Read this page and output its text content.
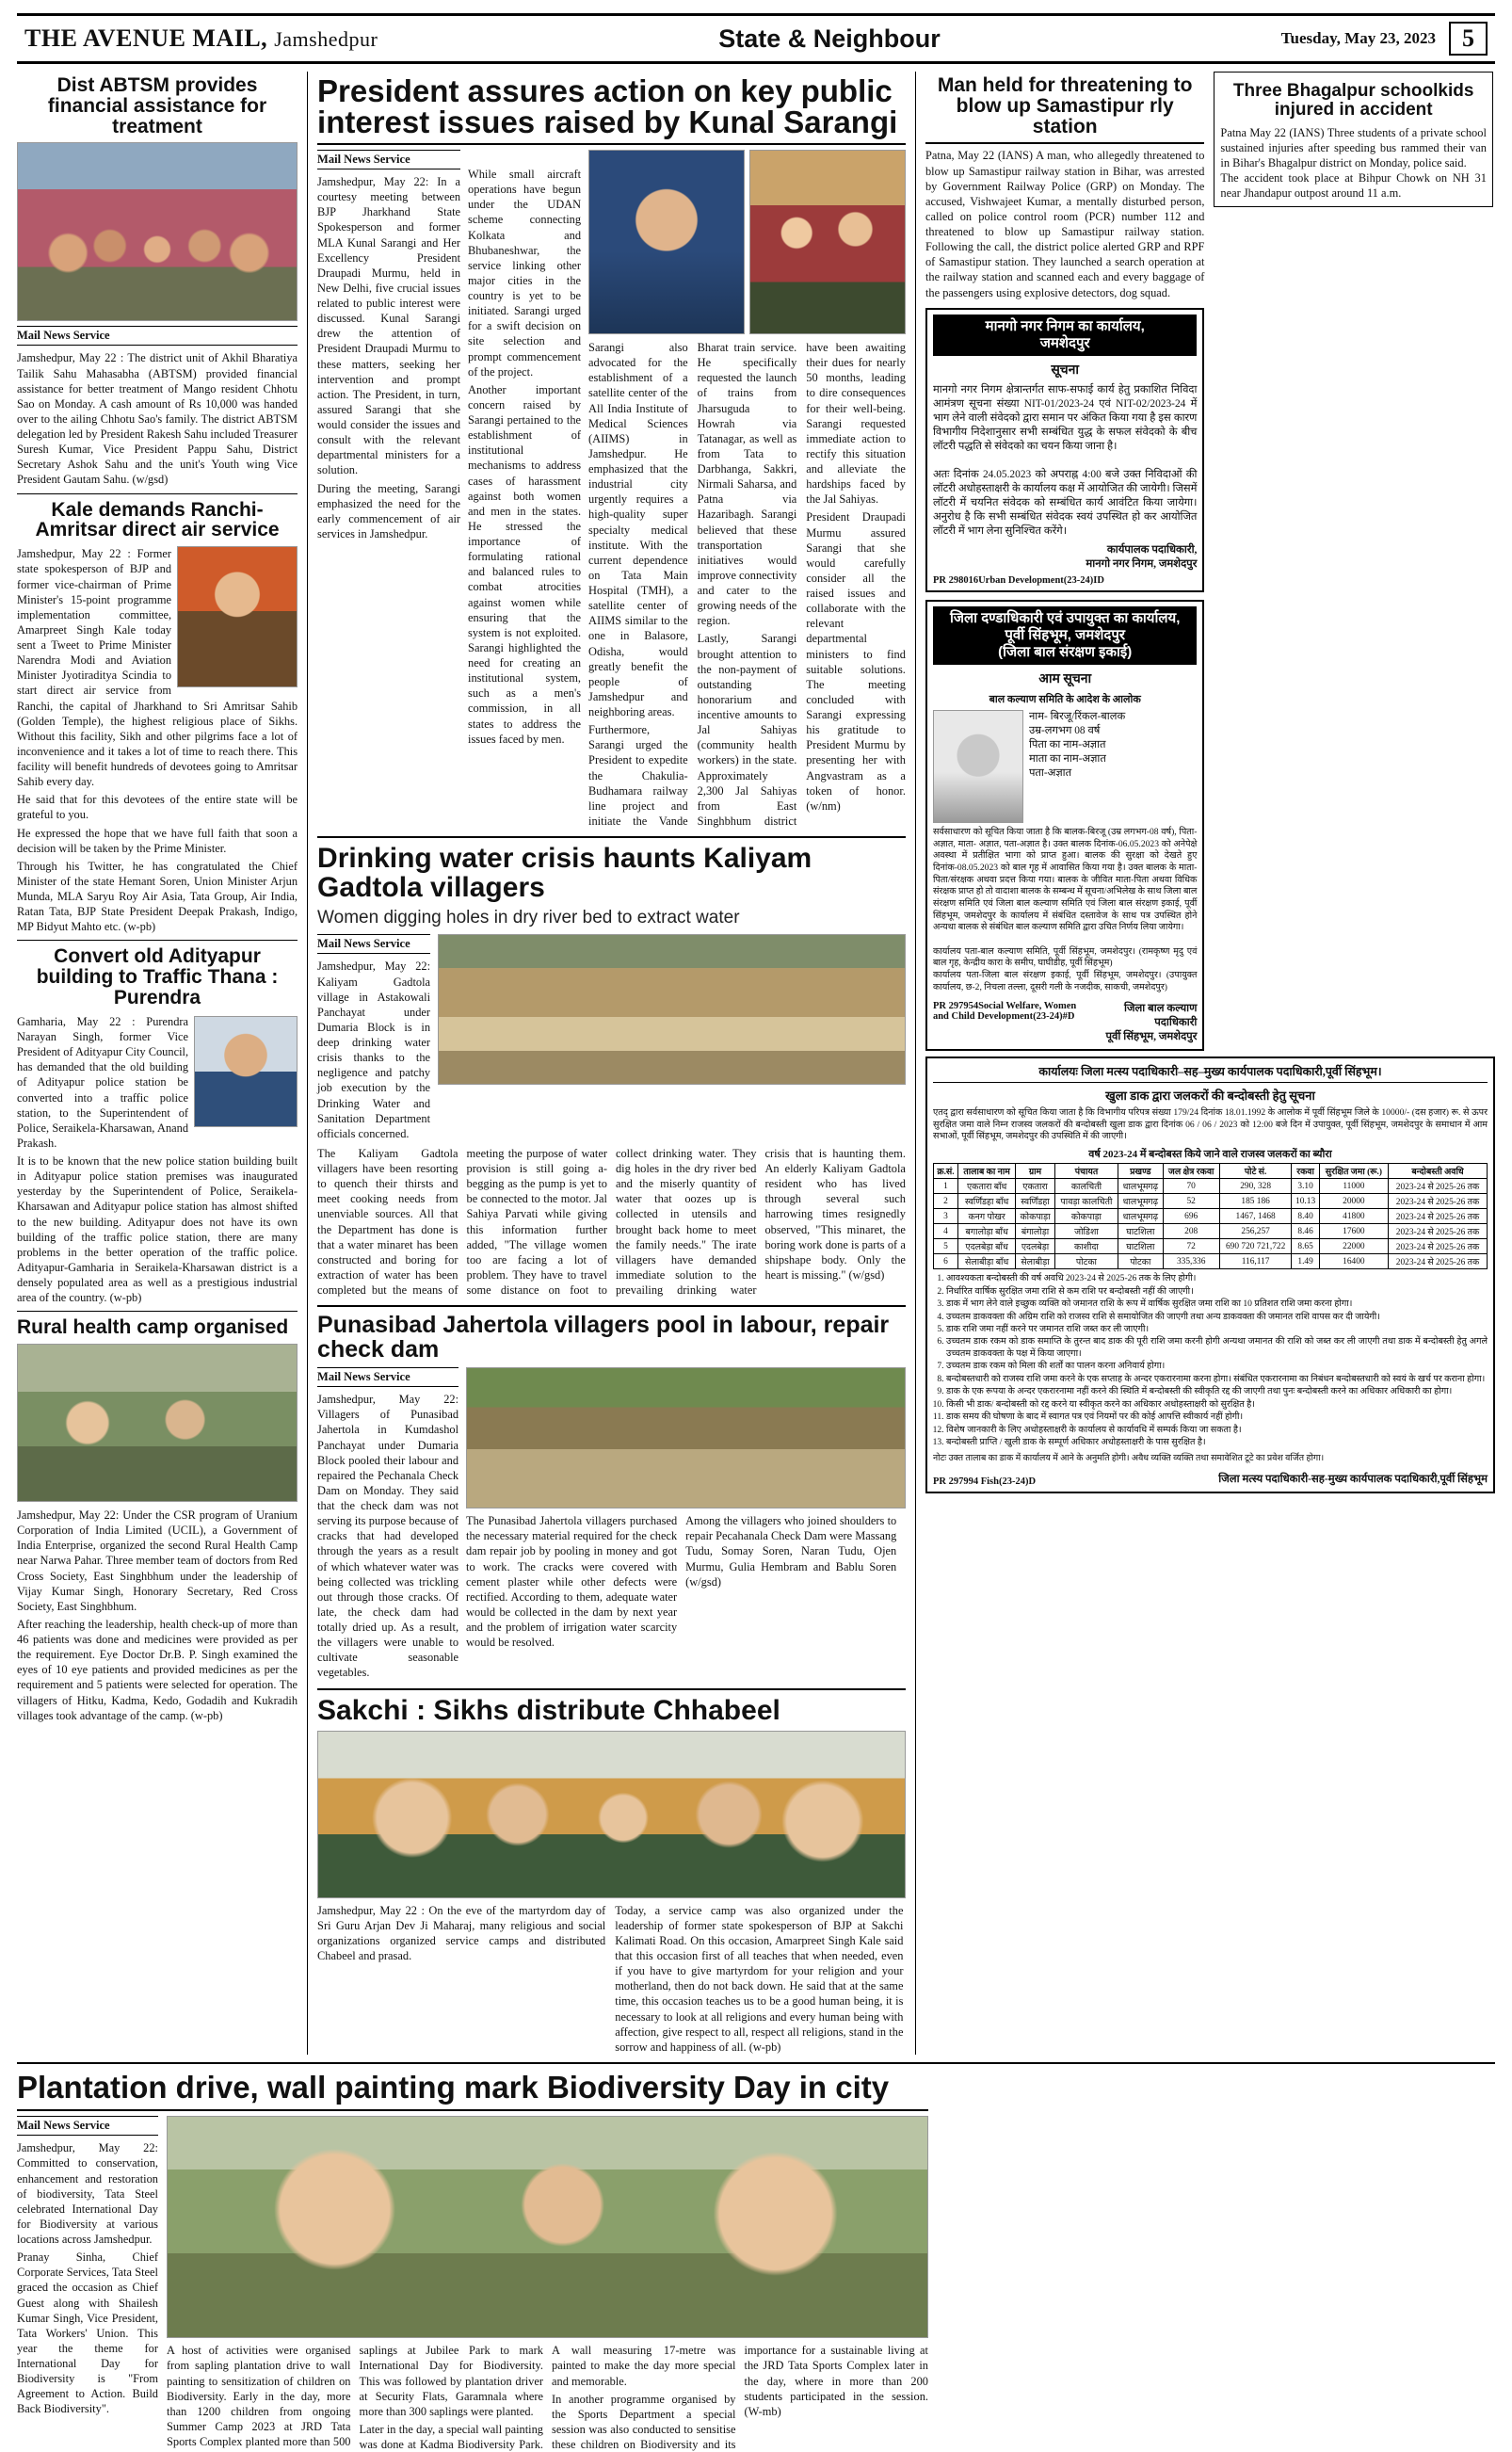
THE AVENUE MAIL, Jamshedpur	State & Neighbour	Tuesday, May 23, 2023	5
Dist ABTSM provides financial assistance for treatment
Mail News Service
Jamshedpur, May 22 : The district unit of Akhil Bharatiya Tailik Sahu Mahasabha (ABTSM) provided financial assistance for better treatment of Mango resident Chhotu Sao on Monday. A cash amount of Rs 10,000 was handed over to the ailing Chhotu Sao's family. The district ABTSM delegation led by President Rakesh Sahu included Treasurer Suresh Kumar, Vice President Pappu Sahu, District Secretary Ashok Sahu and the unit's Youth wing Vice President Gautam Sahu. (w/gsd)
Kale demands Ranchi-Amritsar direct air service
Jamshedpur, May 22 : Former state spokesperson of BJP and former vice-chairman of Prime Minister's 15-point programme implementation committee, Amarpreet Singh Kale today sent a Tweet to Prime Minister Narendra Modi and Aviation Minister Jyotiraditya Scindia to start direct air service from Ranchi, the capital of Jharkhand to Sri Amritsar Sahib (Golden Temple), the highest religious place of Sikhs. Without this facility, Sikh and other pilgrims face a lot of inconvenience and it takes a lot of time to reach there. This facility will benefit hundreds of devotees going to Amritsar Sahib every day.
He said that for this devotees of the entire state will be grateful to you.
He expressed the hope that we have full faith that soon a decision will be taken by the Prime Minister.
Through his Twitter, he has congratulated the Chief Minister of the state Hemant Soren, Union Minister Arjun Munda, MLA Saryu Roy Air Asia, Tata Group, Air India, Ratan Tata, BJP State President Deepak Prakash, Indigo, MP Bidyut Mahto etc. (w-pb)
Convert old Adityapur building to Traffic Thana : Purendra
Gamharia, May 22 : Purendra Narayan Singh, former Vice President of Adityapur City Council, has demanded that the old building of Adityapur police station be converted into a traffic police station, to the Superintendent of Police, Seraikela-Kharsawan, Anand Prakash.
It is to be known that the new police station building built in Adityapur police station premises was inaugurated yesterday by the Superintendent of Police, Seraikela-Kharsawan and Adityapur police station has almost shifted to the new building. Adityapur does not have its own building of the traffic police station, there are many problems in the better operation of the traffic police. Adityapur-Gamharia in Seraikela-Kharsawan district is a densely populated area as well as a prestigious industrial area of the country. (w-pb)
Rural health camp organised
Jamshedpur, May 22: Under the CSR program of Uranium Corporation of India Limited (UCIL), a Government of India Enterprise, organized the second Rural Health Camp near Narwa Pahar. Three member team of doctors from Red Cross Society, East Singhbhum under the leadership of Vijay Kumar Singh, Honorary Secretary, Red Cross Society, East Singhbhum.
After reaching the leadership, health check-up of more than 46 patients was done and medicines were provided as per the requirement. Eye Doctor Dr.B. P. Singh examined the eyes of 10 eye patients and provided medicines as per the requirement and 5 patients were selected for operation. The villagers of Hitku, Kadma, Kedo, Godadih and Kukradih villages took advantage of the camp. (w-pb)
President assures action on key public interest issues raised by Kunal Sarangi
Mail News Service
Jamshedpur, May 22: In a courtesy meeting between BJP Jharkhand State Spokesperson and former MLA Kunal Sarangi and Her Excellency President Draupadi Murmu, held in New Delhi, five crucial issues related to public interest were discussed. Kunal Sarangi drew the attention of President Draupadi Murmu to these matters, seeking her intervention and prompt action. The President, in turn, assured Sarangi that she would consider the issues and consult with the relevant departmental ministers for a solution.
During the meeting, Sarangi emphasized the need for the early commencement of air services in Jamshedpur.
While small aircraft operations have begun under the UDAN scheme connecting Kolkata and Bhubaneshwar, the service linking other major cities in the country is yet to be initiated. Sarangi urged for a swift decision on site selection and prompt commencement of the project.
Another important concern raised by Sarangi pertained to the establishment of institutional mechanisms to address cases of harassment against both women and men in the states. He stressed the importance of formulating rational and balanced rules to combat atrocities against women while ensuring that the system is not exploited. Sarangi highlighted the need for creating an institutional system, such as a men's commission, in all states to address the issues faced by men.
Sarangi also advocated for the establishment of a satellite center of the All India Institute of Medical Sciences (AIIMS) in Jamshedpur. He emphasized that the industrial city urgently requires a high-quality super specialty medical institute. With the current dependence on Tata Main Hospital (TMH), a satellite center of AIIMS similar to the one in Balasore, Odisha, would greatly benefit the people of Jamshedpur and neighboring areas.
Furthermore, Sarangi urged the President to expedite the Chakulia-Budhamara railway line project and initiate the Vande Bharat train service. He specifically requested the launch of trains from Jharsuguda to Howrah via Tatanagar, as well as from Tata to Darbhanga, Sakkri, Nirmali Saharsa, and Patna via Hazaribagh. Sarangi believed that these transportation initiatives would improve connectivity and cater to the growing needs of the region.
Lastly, Sarangi brought attention to the non-payment of outstanding honorarium and incentive amounts to Jal Sahiyas (community health workers) in the state. Approximately 2,300 Jal Sahiyas from East Singhbhum district have been awaiting their dues for nearly 50 months, leading to dire consequences for their well-being. Sarangi requested immediate action to rectify this situation and alleviate the hardships faced by the Jal Sahiyas.
President Draupadi Murmu assured Sarangi that she would carefully consider all the raised issues and collaborate with the relevant departmental ministers to find suitable solutions. The meeting concluded with Sarangi expressing his gratitude to President Murmu by presenting her with Angvastram as a token of honor. (w/nm)
Drinking water crisis haunts Kaliyam Gadtola villagers
Women digging holes in dry river bed to extract water
Mail News Service
Jamshedpur, May 22: Kaliyam Gadtola village in Astakowali Panchayat under Dumaria Block is in deep drinking water crisis thanks to the negligence and patchy job execution by the Drinking Water and Sanitation Department officials concerned.
The Kaliyam Gadtola villagers have been resorting to quench their thirsts and meet cooking needs from unenviable sources. All that the Department has done is that a water minaret has been constructed and boring for extraction of water has been completed but the means of meeting the purpose of water provision is still going a-begging as the pump is yet to be connected to the motor. Jal Sahiya Parvati while giving this information further added, "The village women too are facing a lot of problem. They have to travel some distance on foot to collect drinking water. They dig holes in the dry river bed and the miserly quantity of water that oozes up is collected in utensils and brought back home to meet the family needs." The irate villagers have demanded immediate solution to the prevailing drinking water crisis that is haunting them. An elderly Kaliyam Gadtola resident who has lived through several such harrowing times resignedly observed, "This minaret, the boring work done is parts of a shipshape body. Only the heart is missing." (w/gsd)
Punasibad Jahertola villagers pool in labour, repair check dam
Mail News Service
Jamshedpur, May 22: Villagers of Punasibad Jahertola in Kumdashol Panchayat under Dumaria Block pooled their labour and repaired the Pechanala Check Dam on Monday. They said that the check dam was not serving its purpose because of cracks that had developed through the years as a result of which whatever water was being collected was trickling out through those cracks. Of late, the check dam had totally dried up. As a result, the villagers were unable to cultivate seasonable vegetables.
The Punasibad Jahertola villagers purchased the necessary material required for the check dam repair job by pooling in money and got to work. The cracks were covered with cement plaster while other defects were rectified. According to them, adequate water would be collected in the dam by next year and the problem of irrigation water scarcity would be resolved.
Among the villagers who joined shoulders to repair Pecahanala Check Dam were Massang Tudu, Somay Soren, Naran Tudu, Ojen Murmu, Gulia Hembram and Bablu Soren (w/gsd)
Sakchi : Sikhs distribute Chhabeel
Jamshedpur, May 22 : On the eve of the martyrdom day of Sri Guru Arjan Dev Ji Maharaj, many religious and social organizations organized service camps and distributed Chabeel and prasad.
Today, a service camp was also organized under the leadership of former state spokesperson of BJP at Sakchi Kalimati Road. On this occasion, Amarpreet Singh Kale said that this occasion first of all teaches that when needed, even if you have to give martyrdom for your religion and your motherland, then do not back down. He said that at the same time, this occasion teaches us to be a good human being, it is necessary to look at all religions and every human being with affection, give respect to all, respect all religions, stand in the sorrow and happiness of all. (w-pb)
Man held for threatening to blow up Samastipur rly station
Patna, May 22 (IANS) A man, who allegedly threatened to blow up Samastipur railway station in Bihar, was arrested by Government Railway Police (GRP) on Monday. The accused, Vishwajeet Kumar, a mentally disturbed person, called on police control room (PCR) number 112 and threatened to blow up Samastipur railway station. Following the call, the district police alerted GRP and RPF of Samastipur station. They launched a search operation at the railway station and scanned each and every baggage of the passengers using explosive detectors, dog squad.
मानगो नगर निगम का कार्यालय,
जमशेदपुर
सूचना
मानगो नगर निगम क्षेत्रान्तर्गत साफ-सफाई कार्य हेतु प्रकाशित निविदा आमंत्रण सूचना संख्या NIT-01/2023-24 एवं NIT-02/2023-24 में भाग लेने वाली संवेदको द्वारा समान पर अंकित किया गया है इस कारण विभागीय निदेशानुसार सभी सम्बंधित युद्ध के सफल संवेदको के बीच लॉटरी पद्धति से संवेदको का चयन किया जाना है।

अतः दिनांक 24.05.2023 को अपराह्न 4:00 बजे उक्त निविदाओं की लॉटरी अधोहस्ताक्षरी के कार्यालय कक्ष में आयोजित की जायेगी। जिसमें लॉटरी में चयनित संवेदक को सम्बंधित कार्य आवंटित किया जायेगा। अनुरोध है कि सभी सम्बंधित संवेदक स्वयं उपस्थित हो कर आयोजित लॉटरी में भाग लेना सुनिश्चित करेंगे।
कार्यपालक पदाधिकारी,
मानगो नगर निगम, जमशेदपुर
PR 298016Urban Development(23-24)ID
जिला दण्डाधिकारी एवं उपायुक्त का कार्यालय,
पूर्वी सिंहभूम, जमशेदपुर
(जिला बाल संरक्षण इकाई)
आम सूचना
बाल कल्याण समिति के आदेश के आलोक
नाम- बिरजू/रिंकल-बालक
उम्र-लगभग 08 वर्ष
पिता का नाम-अज्ञात
माता का नाम-अज्ञात
पता-अज्ञात
सर्वसाधारण को सूचित किया जाता है कि बालक-बिरजू (उम्र लगभग-08 वर्ष), पिता-अज्ञात, माता- अज्ञात, पता-अज्ञात है। उक्त बालक दिनांक-06.05.2023 को अनेपेक्षे अवस्था में प्रतीक्षित भागा को प्राप्त हुआ। बालक की सुरक्षा को देखते हुए दिनांक-08.05.2023 को बाल गृह में आवासित किया गया है। उक्त बालक के माता-पिता/संरक्षक अथवा प्रदत्त किया गया। बालक के जीवित माता-पिता अथवा विधिक संरक्षक प्राप्त हो तो वादाशा बालक के सम्बन्ध में सूचना/अभिलेख के साथ जिला बाल संरक्षण समिति एवं जिला बाल कल्याण समिति एवं जिला बाल संरक्षण इकाई, पूर्वी सिंहभूम, जमशेदपुर के कार्यालय में संबंधित दस्तावेज के साथ पत्र उपस्थित होने अन्यथा बालक से संबंधित बाल कल्याण समिति द्वारा उचित निर्णय लिया जायेगा।

कार्यालय पता-बाल कल्याण समिति, पूर्वी सिंहभूम, जमशेदपुर। (रामकृष्ण मृदु एवं बाल गृह, केन्द्रीय कारा के समीप, घाघीडीह, पूर्वी सिंहभूम)
कार्यालय पता-जिला बाल संरक्षण इकाई, पूर्वी सिंहभूम, जमशेदपुर। (उपायुक्त कार्यालय, छ-2, निचला तल्ला, दूसरी गली के नजदीक, साकची, जमशेदपुर)
PR 297954Social Welfare, Women and Child Development(23-24)#D
जिला बाल कल्याण पदाधिकारी
पूर्वी सिंहभूम, जमशेदपुर
Three Bhagalpur schoolkids injured in accident
Patna May 22 (IANS) Three students of a private school sustained injuries after speeding bus rammed their van in Bihar's Bhagalpur district on Monday, police said.
The accident took place at Bihpur Chowk on NH 31 near Jhandapur outpost around 11 a.m.
कार्यालयः जिला मत्स्य पदाधिकारी–सह–मुख्य कार्यपालक पदाधिकारी,पूर्वी सिंहभूम।
खुला डाक द्वारा जलकरों की बन्दोबस्ती हेतु सूचना
एतद् द्वारा सर्वसाधारण को सूचित किया जाता है कि विभागीय परिपत्र संख्या 179/24 दिनांक 18.01.1992 के आलोक में पूर्वी सिंहभूम जिले के 10000/- (दस हजार) रू. से ऊपर सुरक्षित जमा वाले निम्न राजस्व जलकरों की बन्दोबस्ती खुला डाक द्वारा दिनांक 06 / 06 / 2023 को 12:00 बजे दिन में उपायुक्त, पूर्वी सिंहभूम, जमशेदपुर के समाधान में आम सभाओं, पूर्वी सिंहभूम, जमशेदपुर की उपस्थिति में की जाएगी।
वर्ष 2023-24 में बन्दोबस्त किये जाने वाले राजस्व जलकरों का ब्यौरा
क्र.सं.	तालाब का नाम	ग्राम	पंचायत	प्रखण्ड	जल क्षेत्र रकवा	पोटे सं.	रकवा	सुरक्षित जमा (रू.)	बन्दोबस्ती अवधि
1	एकतारा बाँध	एकतारा	कालचिती	धालभूमगढ़	70	290, 328	3.10	11000	2023-24 से 2025-26 तक
2	स्वर्णिंडहा बाँध	स्वर्णिंडहा	पावड़ा कालचिती	धालभूमगढ़	52	185 186	10.13	20000	2023-24 से 2025-26 तक
3	कनग पोखर	कोकपाड़ा	कोकपाड़ा	धालभूमगढ़	696	1467, 1468	8.40	41800	2023-24 से 2025-26 तक
4	बगालोड़ा बाँध	बंगालोड़ा	जोडिशा	घाटशिला	208	256,257	8.46	17600	2023-24 से 2025-26 तक
5	एदलबेड़ा बाँध	एदलबेड़ा	काशीदा	घाटशिला	72	690 720 721,722	8.65	22000	2023-24 से 2025-26 तक
6	सेलाबीड़ा बाँध	सेलाबीड़ा	पोटका	पोटका	335,336	116,117	1.49	16400	2023-24 से 2025-26 तक
1. आवश्यकता बन्दोबस्ती की वर्ष अवधि 2023-24 से 2025-26 तक के लिए होगी।
2. निर्धारित वार्षिक सुरक्षित जमा राशि से कम राशि पर बन्दोबस्ती नहीं की जाएगी।
3. डाक में भाग लेने वाले इच्छुक व्यक्ति को जमानत राशि के रूप में वार्षिक सुरक्षित जमा राशि का 10 प्रतिशत राशि जमा करना होगा।
4. उच्चतम डाकवक्ता की अग्रिम राशि को राजस्व राशि से समायोजित की जाएगी तथा अन्य डाकवक्ता की जमानत राशि वापस कर दी जायेगी।
5. डाक राशि जमा नहीं करने पर जमानत राशि जब्त कर ली जाएगी।
6. उच्चतम डाक रकम को डाक समाप्ति के तुरन्त बाद डाक की पूरी राशि जमा करनी होगी अन्यथा जमानत की राशि को जब्त कर ली जाएगी तथा डाक में बन्दोबस्ती हेतु अगले उच्चतम डाकवक्ता के पक्ष में किया जाएगा।
7. उच्चतम डाक रकम को मिला की शर्तों का पालन करना अनिवार्य होगा।
8. बन्दोबस्तधारी को राजस्व राशि जमा करने के एक सप्ताह के अन्दर एकरारनामा करना होगा। संबंधित एकरारनामा का निबंधन बन्दोबस्तधारी को स्वयं के खर्च पर कराना होगा।
9. डाक के एक रूपया के अन्दर एकरारनामा नहीं करने की स्थिति में बन्दोबस्ती की स्वीकृति रद्द की जाएगी तथा पुनः बन्दोबस्ती करने का अधिकार अधिकारी का होगा।
10. किसी भी डाक/ बन्दोबस्ती को रद्द करने या स्वीकृत करने का अधिकार अधोहस्ताक्षरी को सुरक्षित है।
11. डाक समय की घोषणा के बाद में स्वागत पत्र एवं नियमों पर की कोई आपत्ति स्वीकार्य नहीं होगी।
12. विशेष जानकारी के लिए अधोहस्ताक्षरी के कार्यालय से कार्यावधि में सम्पर्क किया जा सकता है।
13. बन्दोबस्ती प्राप्ति / खुली डाक के सम्पूर्ण अधिकार अधोहस्ताक्षरी के पास सुरक्षित है।
नोटः उक्त तालाब का डाक में कार्यालय में आने के अनुमति होगी। अवैध व्यक्ति व्यक्ति तथा समावेशित टूटे का प्रवेश वर्जित होगा।
PR 297994 Fish(23-24)D	जिला मत्स्य पदाधिकारी-सह-मुख्य कार्यपालक पदाधिकारी,पूर्वी सिंहभूम
Plantation drive, wall painting mark Biodiversity Day in city
Mail News Service
Jamshedpur, May 22: Committed to conservation, enhancement and restoration of biodiversity, Tata Steel celebrated International Day for Biodiversity at various locations across Jamshedpur.
Pranay Sinha, Chief Corporate Services, Tata Steel graced the occasion as Chief Guest along with Shailesh Kumar Singh, Vice President, Tata Workers' Union. This year the theme for International Day for Biodiversity is "From Agreement to Action. Build Back Biodiversity".
A host of activities were organised from sapling plantation drive to wall painting to sensitization of children on Biodiversity. Early in the day, more than 1200 children from ongoing Summer Camp 2023 at JRD Tata Sports Complex planted more than 500 saplings at Jubilee Park to mark International Day for Biodiversity. This was followed by plantation driver at Security Flats, Garamnala where more than 300 saplings were planted.
Later in the day, a special wall painting was done at Kadma Biodiversity Park. A wall measuring 17-metre was painted to make the day more special and memorable.
In another programme organised by the Sports Department a special session was also conducted to sensitise these children on Biodiversity and its importance for a sustainable living at the JRD Tata Sports Complex later in the day, where in more than 200 students participated in the session. (W-mb)
